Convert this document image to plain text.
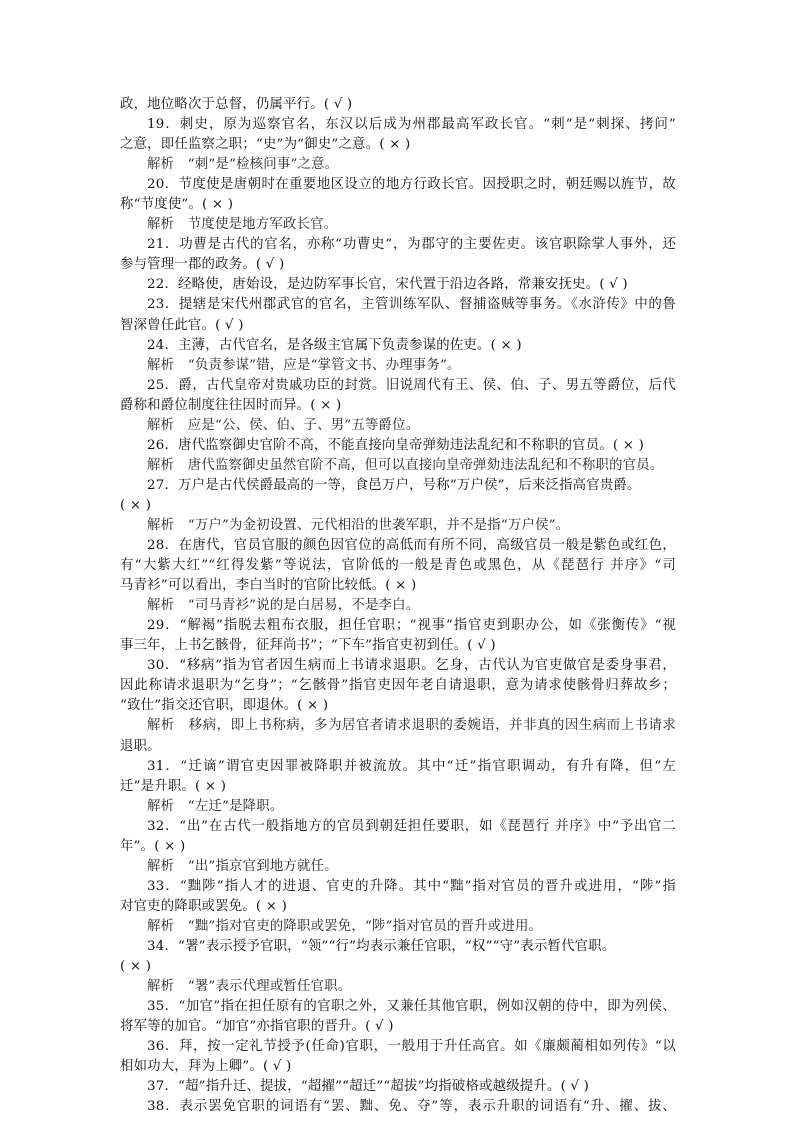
政，地位略次于总督，仍属平行。( √ )
19．刺史，原为巡察官名，东汉以后成为州郡最高军政长官。“刺”是“刺探、拷问”
之意，即任监察之职；“史”为“御史”之意。( × )
解析　“刺”是“检核问事”之意。
20．节度使是唐朝时在重要地区设立的地方行政长官。因授职之时，朝廷赐以旌节，故
称“节度使”。( × )
解析　节度使是地方军政长官。
21．功曹是古代的官名，亦称“功曹史”，为郡守的主要佐吏。该官职除掌人事外，还
参与管理一郡的政务。( √ )
22．经略使，唐始设，是边防军事长官，宋代置于沿边各路，常兼安抚史。( √ )
23．提辖是宋代州郡武官的官名，主管训练军队、督捕盗贼等事务。《水浒传》中的鲁
智深曾任此官。( √ )
24．主薄，古代官名，是各级主官属下负责参谋的佐吏。( × )
解析　“负责参谋”错，应是“掌管文书、办理事务”。
25．爵，古代皇帝对贵戚功臣的封赏。旧说周代有王、侯、伯、子、男五等爵位，后代
爵称和爵位制度往往因时而异。( × )
解析　应是“公、侯、伯、子、男”五等爵位。
26．唐代监察御史官阶不高，不能直接向皇帝弹劾违法乱纪和不称职的官员。( × )
解析　唐代监察御史虽然官阶不高，但可以直接向皇帝弹劾违法乱纪和不称职的官员。
27．万户是古代侯爵最高的一等，食邑万户，号称“万户侯”，后来泛指高官贵爵。
( × )
解析　“万户”为金初设置、元代相沿的世袭军职，并不是指“万户侯”。
28．在唐代，官员官服的颜色因官位的高低而有所不同，高级官员一般是紫色或红色，
有“大紫大红”“红得发紫”等说法，官阶低的一般是青色或黑色，从《琵琶行 并序》“司
马青衫”可以看出，李白当时的官阶比较低。( × )
解析　“司马青衫”说的是白居易，不是李白。
29．“解褐”指脱去粗布衣服，担任官职；“视事”指官吏到职办公，如《张衡传》“视
事三年，上书乞骸骨，征拜尚书”；“下车”指官吏初到任。( √ )
30．“移病”指为官者因生病而上书请求退职。乞身，古代认为官吏做官是委身事君，
因此称请求退职为“乞身”；“乞骸骨”指官吏因年老自请退职，意为请求使骸骨归葬故乡；
“致仕”指交还官职，即退休。( × )
解析　移病，即上书称病，多为居官者请求退职的委婉语，并非真的因生病而上书请求
退职。
31．“迁谪”谓官吏因罪被降职并被流放。其中“迁”指官职调动，有升有降，但“左
迁”是升职。( × )
解析　“左迁”是降职。
32．“出”在古代一般指地方的官员到朝廷担任要职，如《琵琶行 并序》中“予出官二
年”。( × )
解析　“出”指京官到地方就任。
33．“黜陟”指人才的进退、官吏的升降。其中“黜”指对官员的晋升或进用，“陟”指
对官吏的降职或罢免。( × )
解析　“黜”指对官吏的降职或罢免，“陟”指对官员的晋升或进用。
34．“署”表示授予官职，“领”“行”均表示兼任官职，“权”“守”表示暂代官职。
( × )
解析　“署”表示代理或暂任官职。
35．“加官”指在担任原有的官职之外，又兼任其他官职，例如汉朝的侍中，即为列侯、
将军等的加官。“加官”亦指官职的晋升。( √ )
36．拜，按一定礼节授予(任命)官职，一般用于升任高官。如《廉颇蔺相如列传》“以
相如功大，拜为上卿”。( √ )
37．“超”指升迁、提拔，“超擢”“超迁”“超拔”均指破格或越级提升。( √ )
38．表示罢免官职的词语有“罢、黜、免、夺”等，表示升职的词语有“升、擢、拔、
